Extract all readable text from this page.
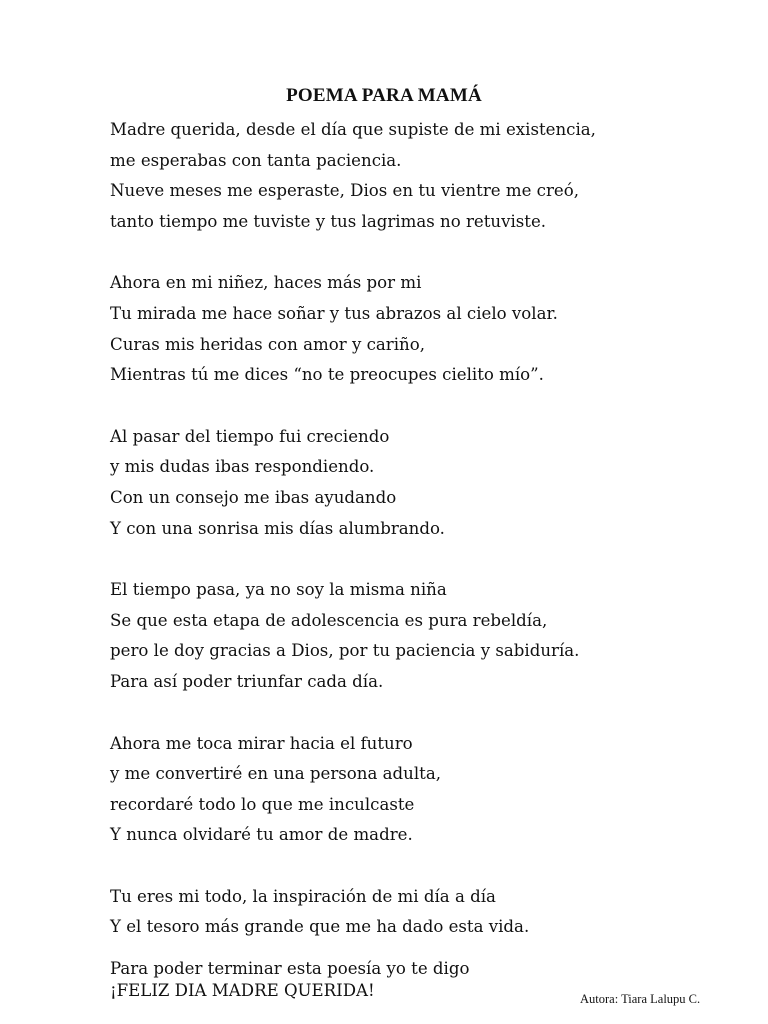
POEMA PARA MAMÁ
Madre querida, desde el día que supiste de mi existencia,
me esperabas con tanta paciencia.
Nueve meses me esperaste, Dios en tu vientre me creó,
tanto tiempo me tuviste y tus lagrimas no retuviste.
Ahora en mi niñez, haces más por mi
Tu mirada me hace soñar y tus abrazos al cielo volar.
Curas mis heridas con amor y cariño,
Mientras tú me dices “no te preocupes cielito mío”.
Al pasar del tiempo fui creciendo
y mis dudas ibas respondiendo.
Con un consejo me ibas ayudando
Y con una sonrisa mis días alumbrando.
El tiempo pasa, ya no soy la misma niña
Se que esta etapa de adolescencia es pura rebeldía,
pero le doy gracias a Dios, por tu paciencia y sabiduría.
Para así poder triunfar cada día.
Ahora me toca mirar hacia el futuro
y me convertiré en una persona adulta,
recordaré todo lo que me inculcaste
Y nunca olvidaré tu amor de madre.
Tu eres mi todo, la inspiración de mi día a día
Y el tesoro más grande que me ha dado esta vida.
Para poder terminar esta poesía yo te digo
¡FELIZ DIA MADRE QUERIDA!	Autora: Tiara Lalupu C.
